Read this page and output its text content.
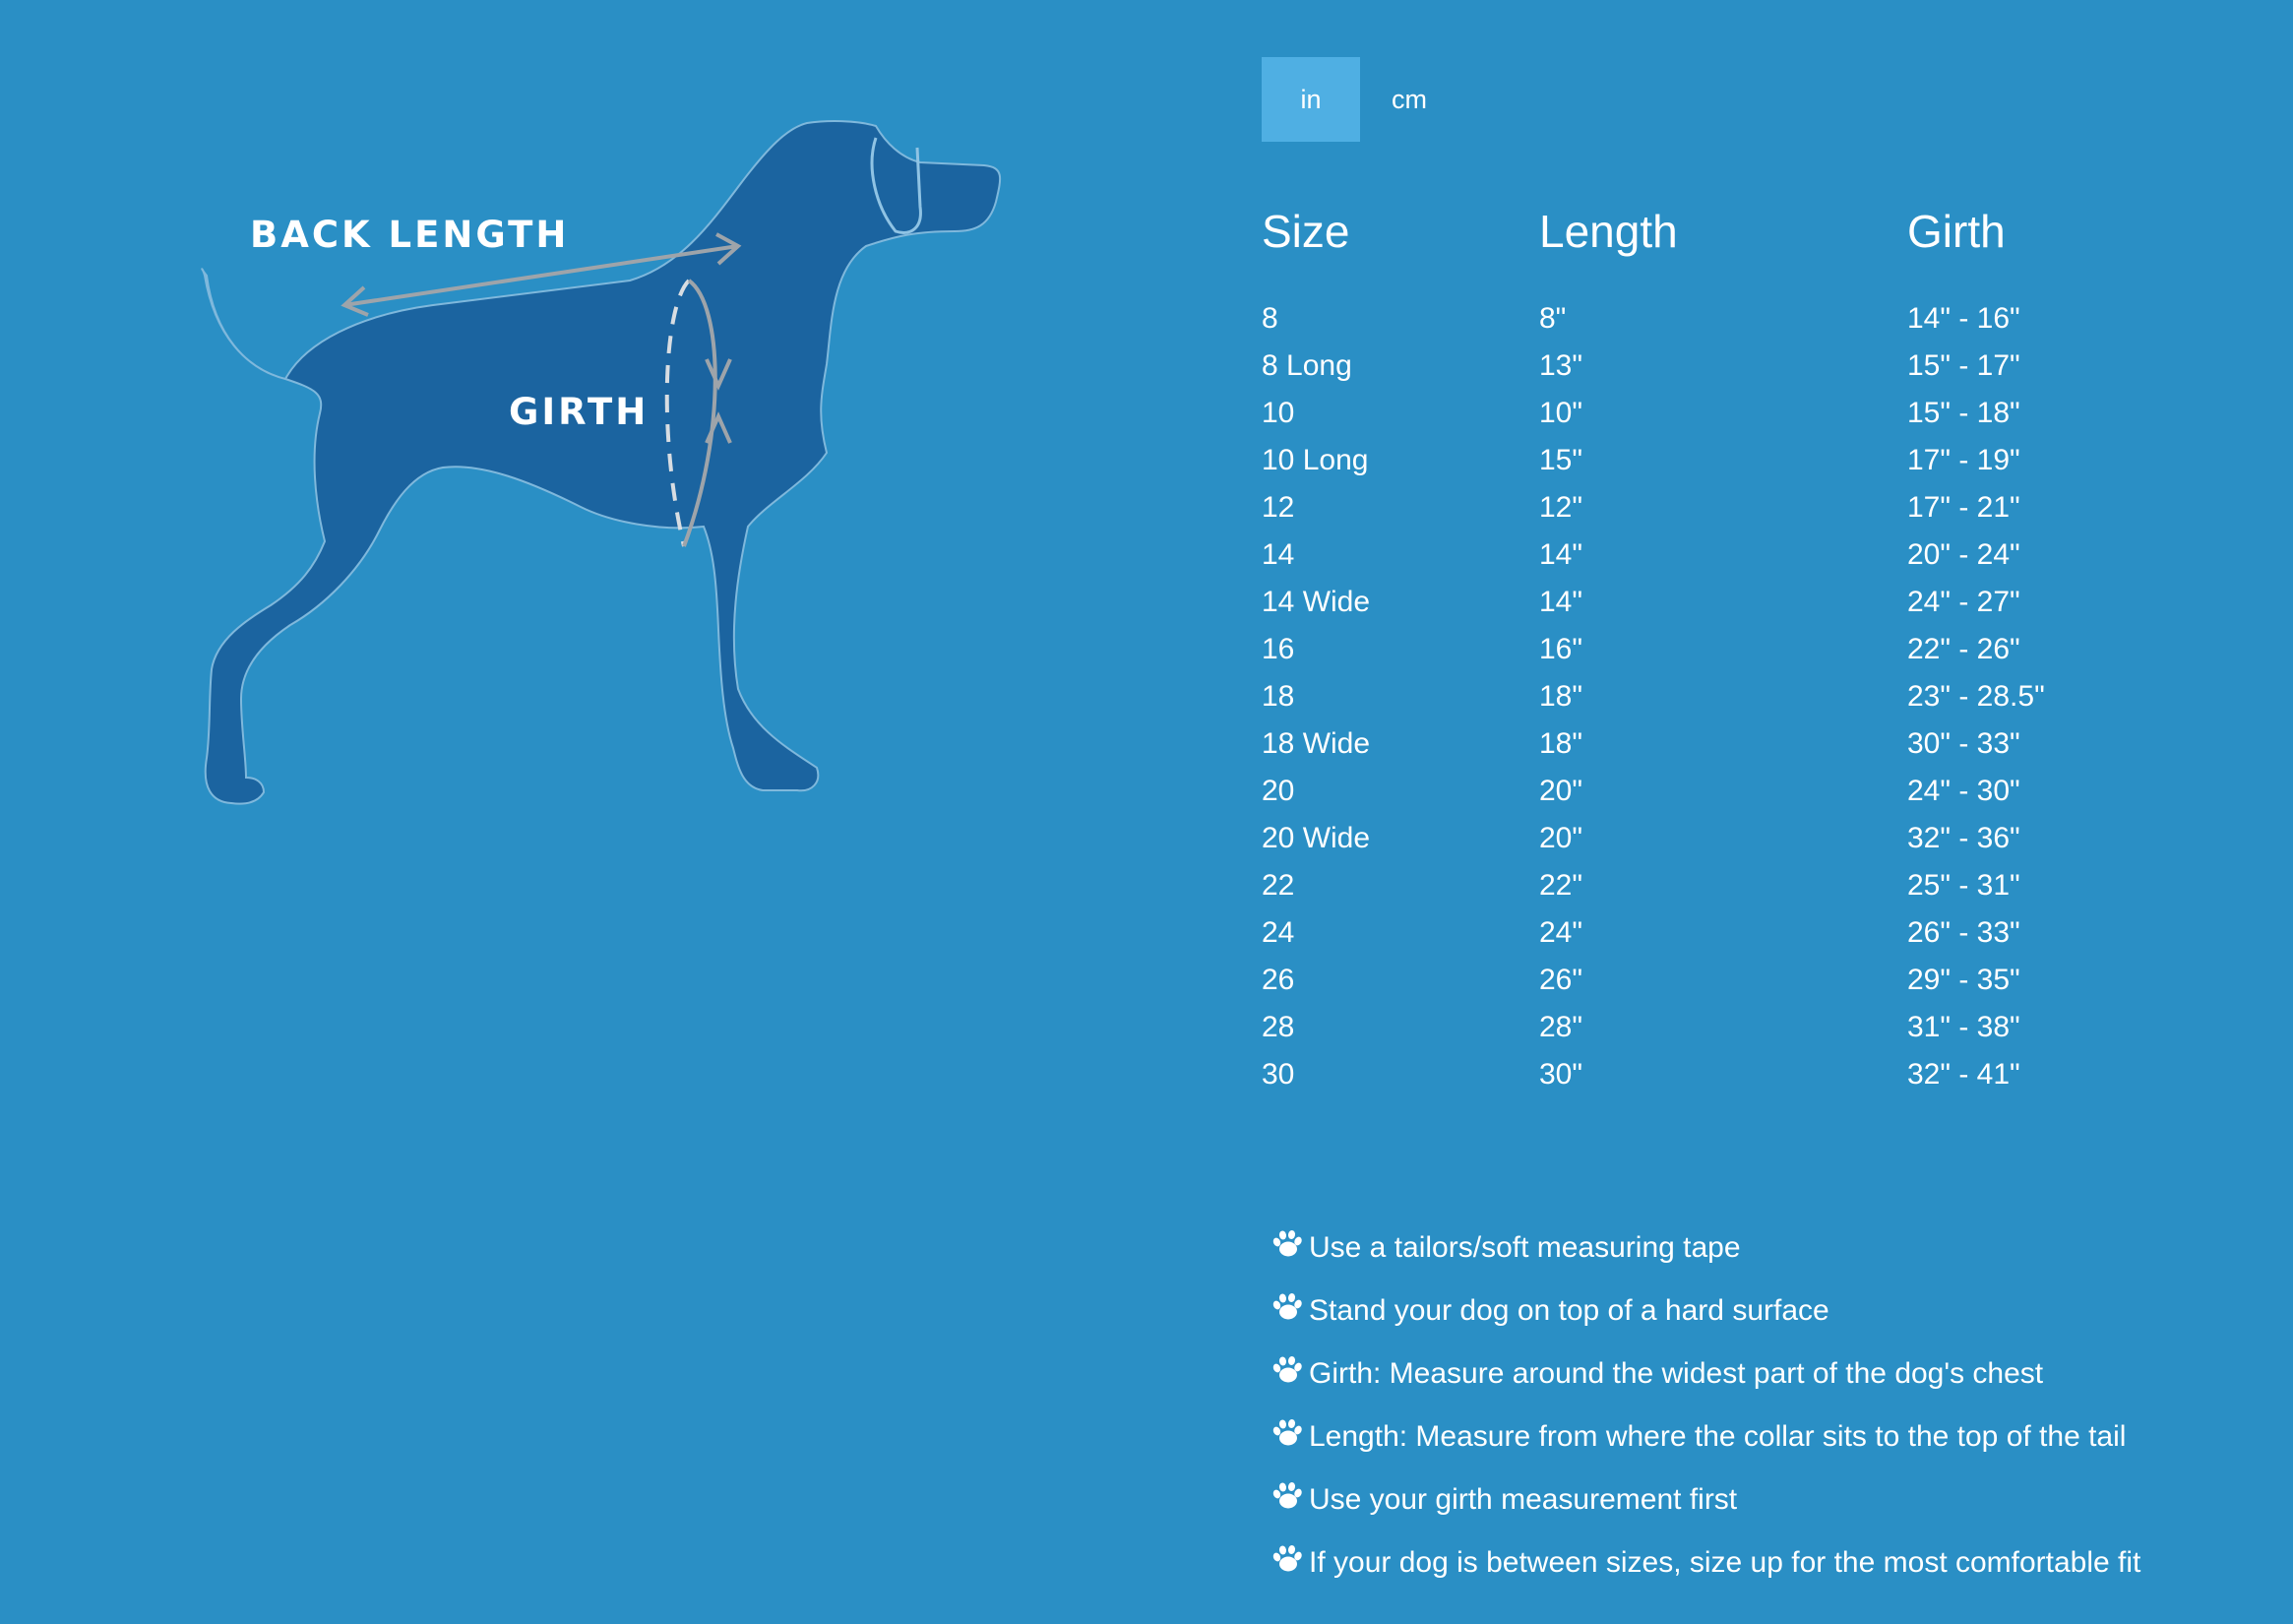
BACK LENGTH
GIRTH
in	cm
Size	Length	Girth
8	8"	14" - 16"
8 Long	13"	15" - 17"
10	10"	15" - 18"
10 Long	15"	17" - 19"
12	12"	17" - 21"
14	14"	20" - 24"
14 Wide	14"	24" - 27"
16	16"	22" - 26"
18	18"	23" - 28.5"
18 Wide	18"	30" - 33"
20	20"	24" - 30"
20 Wide	20"	32" - 36"
22	22"	25" - 31"
24	24"	26" - 33"
26	26"	29" - 35"
28	28"	31" - 38"
30	30"	32" - 41"
Use a tailors/soft measuring tape
Stand your dog on top of a hard surface
Girth: Measure around the widest part of the dog's chest
Length: Measure from where the collar sits to the top of the tail
Use your girth measurement first
If your dog is between sizes, size up for the most comfortable fit
